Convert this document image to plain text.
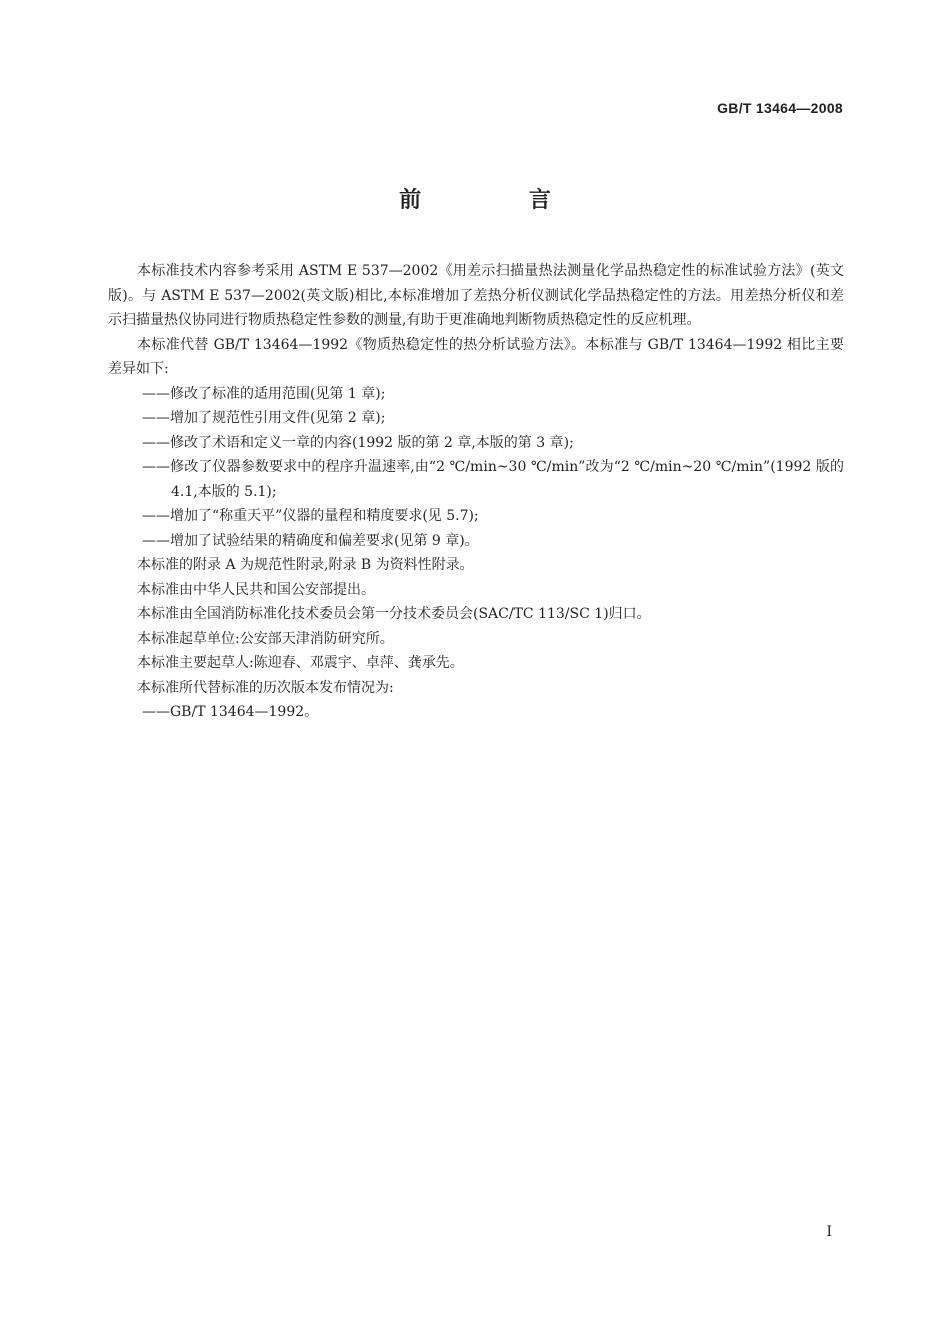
GB/T 13464—2008
前 言

本标准技术内容参考采用 ASTM E 537—2002《用差示扫描量热法测量化学品热稳定性的标准试验方法》(英文版)。与 ASTM E 537—2002(英文版)相比,本标准增加了差热分析仪测试化学品热稳定性的方法。用差热分析仪和差示扫描量热仪协同进行物质热稳定性参数的测量,有助于更准确地判断物质热稳定性的反应机理。

本标准代替 GB/T 13464—1992《物质热稳定性的热分析试验方法》。本标准与 GB/T 13464—1992 相比主要差异如下:

——修改了标准的适用范围(见第 1 章);

——增加了规范性引用文件(见第 2 章);

——修改了术语和定义一章的内容(1992 版的第 2 章,本版的第 3 章);

——修改了仪器参数要求中的程序升温速率,由“2 ℃/min~30 ℃/min”改为“2 ℃/min~20 ℃/min”(1992 版的 4.1,本版的 5.1);

——增加了“称重天平”仪器的量程和精度要求(见 5.7);

——增加了试验结果的精确度和偏差要求(见第 9 章)。

本标准的附录 A 为规范性附录,附录 B 为资料性附录。

本标准由中华人民共和国公安部提出。

本标准由全国消防标准化技术委员会第一分技术委员会(SAC/TC 113/SC 1)归口。

本标准起草单位:公安部天津消防研究所。

本标准主要起草人:陈迎春、邓震宇、卓萍、龚承先。

本标准所代替标准的历次版本发布情况为:

——GB/T 13464—1992。

I
